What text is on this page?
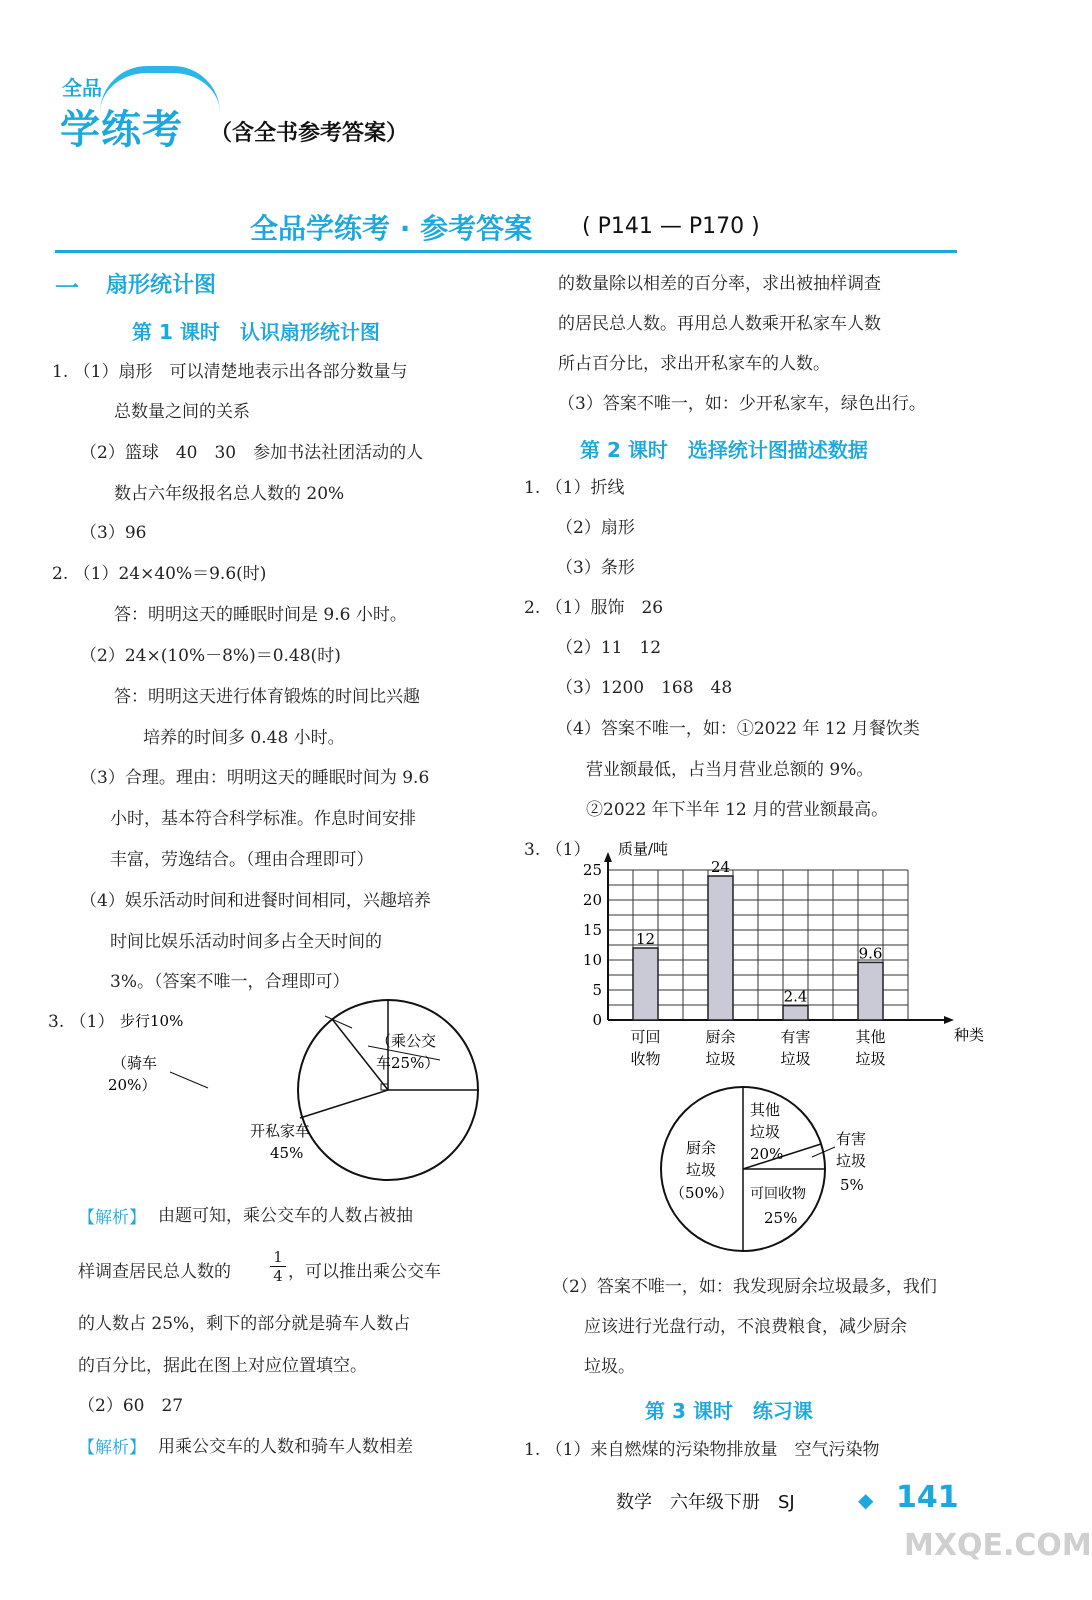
全品
学练考 （含全书参考答案）
全品学练考 · 参考答案 ( P141 — P170 )
一 扇形统计图
第 1 课时　认识扇形统计图
1. （1）扇形　可以清楚地表示出各部分数量与
总数量之间的关系
（2）篮球　40　30　参加书法社团活动的人
数占六年级报名总人数的 20%
（3）96
2. （1）24×40%＝9.6(时)
答：明明这天的睡眠时间是 9.6 小时。
（2）24×(10%－8%)＝0.48(时)
答：明明这天进行体育锻炼的时间比兴趣
培养的时间多 0.48 小时。
（3）合理。理由：明明这天的睡眠时间为 9.6
小时，基本符合科学标准。作息时间安排
丰富，劳逸结合。（理由合理即可）
（4）娱乐活动时间和进餐时间相同，兴趣培养
时间比娱乐活动时间多占全天时间的
3%。（答案不唯一，合理即可）
3. （1） 步行10%
（乘公交
车25%）
（骑车
20%）
开私家车
45%
【解析】 由题可知，乘公交车的人数占被抽
样调查居民总人数的	$\frac{1}{4}$ ，可以推出乘公交车
的人数占 25%，剩下的部分就是骑车人数占
的百分比，据此在图上对应位置填空。
（2）60　27
【解析】 用乘公交车的人数和骑车人数相差
的数量除以相差的百分率，求出被抽样调查
的居民总人数。再用总人数乘开私家车人数
所占百分比，求出开私家车的人数。
（3）答案不唯一，如：少开私家车，绿色出行。
第 2 课时　选择统计图描述数据
1. （1）折线
（2）扇形
（3）条形
2. （1）服饰　26
（2）11　12
（3）1200　168　48
（4）答案不唯一，如：①2022 年 12 月餐饮类
营业额最低，占当月营业总额的 9%。
②2022 年下半年 12 月的营业额最高。
3. （1）
0
5
10
15
20
25
质量/吨
种类
12
可回
收物
24
厨余
垃圾
2.4
有害
垃圾
9.6
其他
垃圾
其他
垃圾
20%
厨余
垃圾
（50%）
有害
垃圾
5%
可回收物
25%
（2）答案不唯一，如：我发现厨余垃圾最多，我们
应该进行光盘行动，不浪费粮食，减少厨余
垃圾。
第 3 课时　练习课
1. （1）来自燃煤的污染物排放量　空气污染物
数学　六年级下册　SJ	◆ 141
MXQE.COM
